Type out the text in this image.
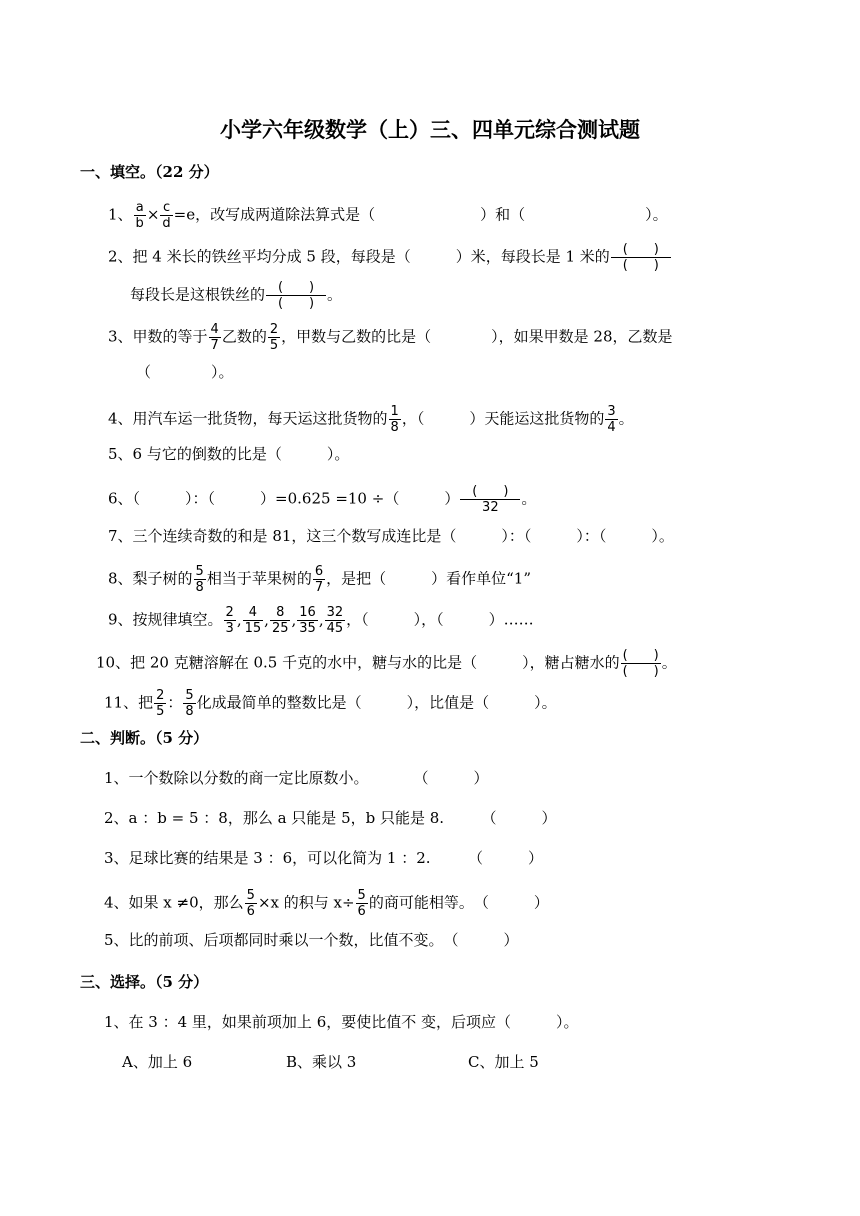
小学六年级数学（上）三、四单元综合测试题
一、填空。（22 分）
1、 $\frac{a}{b} \times \frac{c}{d} =e$，改写成两道除法算式是（　　　　　　　）和（　　　　　　　　）。
2、把 4 米长的铁丝平均分成 5 段，每段是（　　　）米，每段长是 1 米的 $\frac{( )}{( )}$
每段长是这根铁丝的 $\frac{( )}{( )}$ 。
3、甲数的等于 $\frac{4}{7}$ 乙数的 $\frac{2}{5}$ ，甲数与乙数的比是（　　　　），如果甲数是 28，乙数是
（　　　　）。
4、用汽车运一批货物，每天运这批货物的 $\frac{1}{8}$ ，（　　　）天能运这批货物的 $\frac{3}{4}$ 。
5、6 与它的倒数的比是（　　　）。
6、（　　　）：（　　　）=0.625 =10 ÷（　　　） $\frac{( )}{32}$ 。
7、三个连续奇数的和是 81，这三个数写成连比是（　　　）：（　　　）：（　　　）。
8、梨子树的 $\frac{5}{8}$ 相当于苹果树的 $\frac{6}{7}$ ，是把（　　　）看作单位“1”
9、按规律填空。 $\frac{2}{3}$ , $\frac{4}{15}$ , $\frac{8}{25}$ , $\frac{16}{35}$ , $\frac{32}{45}$ ，（　　　），（　　　）……
10、把 20 克糖溶解在 0.5 千克的水中，糖与水的比是（　　　），糖占糖水的 $\frac{( )}{( )}$ 。
11、把 $\frac{2}{5}$ ： $\frac{5}{8}$ 化成最简单的整数比是（　　　），比值是（　　　）。
二、判断。（5 分）
1、一个数除以分数的商一定比原数小。　　　　（　　　）
2、a ：b = 5 ：8，那么 a 只能是 5，b 只能是 8.　　　（　　　）
3、足球比赛的结果是 3 ：6，可以化简为 1 ：2.　　　（　　　）
4、如果 x ≠0，那么 $\frac{5}{6} \times x$ 的积与 $x\div \frac{5}{6}$ 的商可能相等。　（　　　）
5、比的前项、后项都同时乘以一个数，比值不变。　（　　　）
三、选择。（5 分）
1、在 3 ：4 里，如果前项加上 6，要使比值不 变，后项应（　　　）。
A、加上 6	B、乘以 3	C、加上 5
